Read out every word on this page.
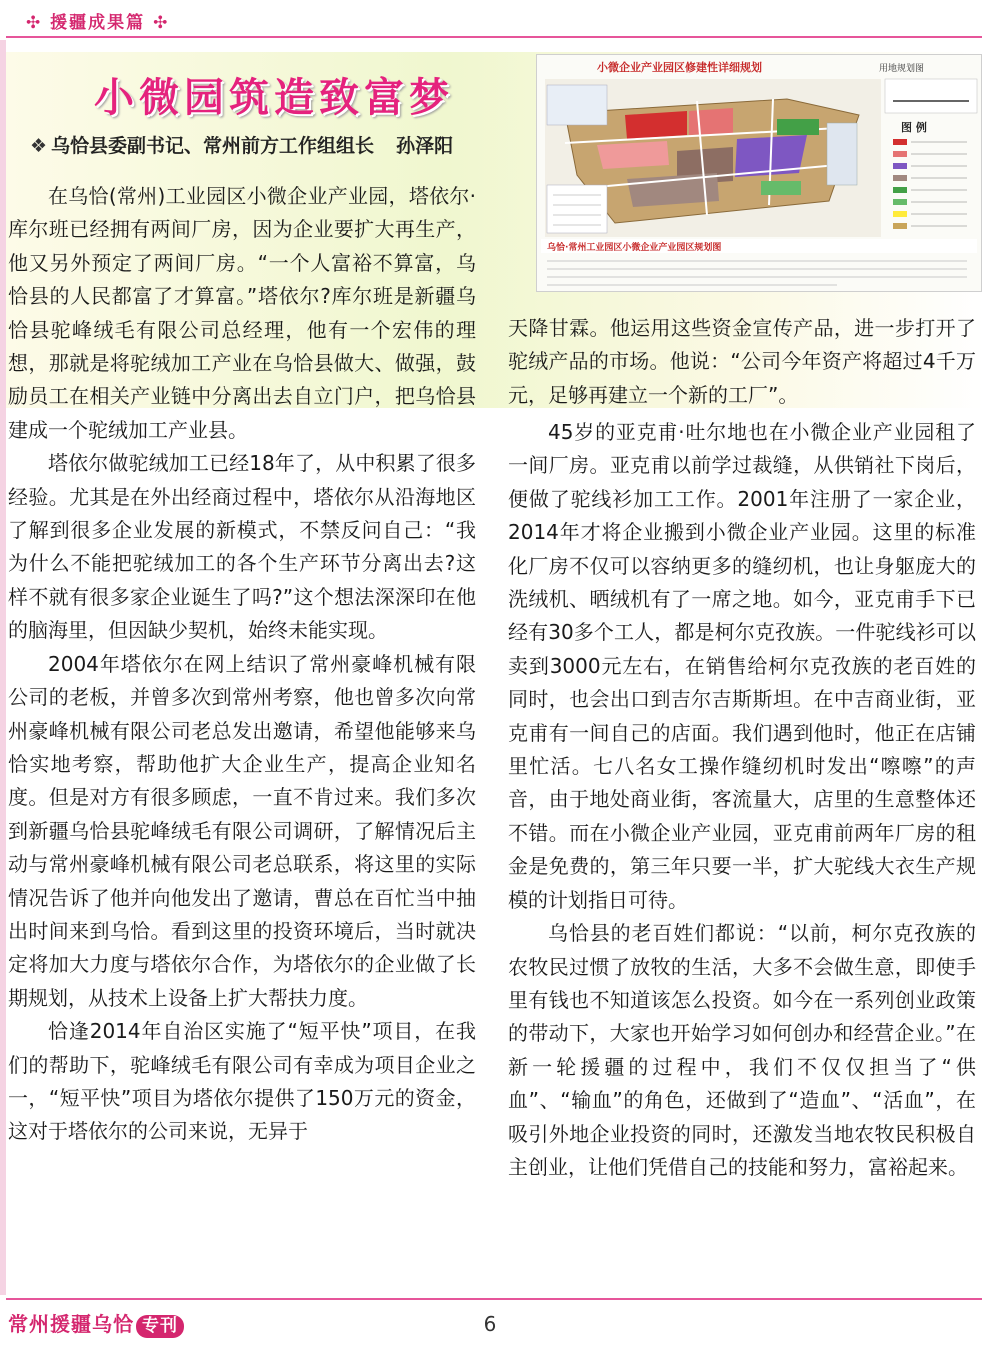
✣ 援疆成果篇 ✣
小微园筑造致富梦
❖ 乌恰县委副书记、常州前方工作组组长 孙泽阳
小微企业产业园区修建性详细规划	用地规划图
图 例
乌恰·常州工业园区小微企业产业园区规划图

在乌恰(常州)工业园区小微企业产业园，塔依尔·库尔班已经拥有两间厂房，因为企业要扩大再生产，他又另外预定了两间厂房。“一个人富裕不算富，乌恰县的人民都富了才算富。”塔依尔?库尔班是新疆乌恰县驼峰绒毛有限公司总经理，他有一个宏伟的理想，那就是将驼绒加工产业在乌恰县做大、做强，鼓励员工在相关产业链中分离出去自立门户，把乌恰县建成一个驼绒加工产业县。

塔依尔做驼绒加工已经18年了，从中积累了很多经验。尤其是在外出经商过程中，塔依尔从沿海地区了解到很多企业发展的新模式，不禁反问自己：“我为什么不能把驼绒加工的各个生产环节分离出去?这样不就有很多家企业诞生了吗?”这个想法深深印在他的脑海里，但因缺少契机，始终未能实现。

2004年塔依尔在网上结识了常州豪峰机械有限公司的老板，并曾多次到常州考察，他也曾多次向常州豪峰机械有限公司老总发出邀请，希望他能够来乌恰实地考察，帮助他扩大企业生产，提高企业知名度。但是对方有很多顾虑，一直不肯过来。我们多次到新疆乌恰县驼峰绒毛有限公司调研，了解情况后主动与常州豪峰机械有限公司老总联系，将这里的实际情况告诉了他并向他发出了邀请，曹总在百忙当中抽出时间来到乌恰。看到这里的投资环境后，当时就决定将加大力度与塔依尔合作，为塔依尔的企业做了长期规划，从技术上设备上扩大帮扶力度。

恰逢2014年自治区实施了“短平快”项目，在我们的帮助下，驼峰绒毛有限公司有幸成为项目企业之一，“短平快”项目为塔依尔提供了150万元的资金，这对于塔依尔的公司来说，无异于

天降甘霖。他运用这些资金宣传产品，进一步打开了驼绒产品的市场。他说：“公司今年资产将超过4千万元，足够再建立一个新的工厂”。

45岁的亚克甫·吐尔地也在小微企业产业园租了一间厂房。亚克甫以前学过裁缝，从供销社下岗后，便做了驼线衫加工工作。2001年注册了一家企业，2014年才将企业搬到小微企业产业园。这里的标准化厂房不仅可以容纳更多的缝纫机，也让身躯庞大的洗绒机、晒绒机有了一席之地。如今，亚克甫手下已经有30多个工人，都是柯尔克孜族。一件驼线衫可以卖到3000元左右，在销售给柯尔克孜族的老百姓的同时，也会出口到吉尔吉斯斯坦。在中吉商业街，亚克甫有一间自己的店面。我们遇到他时，他正在店铺里忙活。七八名女工操作缝纫机时发出“嚓嚓”的声音，由于地处商业街，客流量大，店里的生意整体还不错。而在小微企业产业园，亚克甫前两年厂房的租金是免费的，第三年只要一半，扩大驼线大衣生产规模的计划指日可待。

乌恰县的老百姓们都说：“以前，柯尔克孜族的农牧民过惯了放牧的生活，大多不会做生意，即使手里有钱也不知道该怎么投资。如今在一系列创业政策的带动下，大家也开始学习如何创办和经营企业。”在新一轮援疆的过程中，我们不仅仅担当了“供血”、“输血”的角色，还做到了“造血”、“活血”，在吸引外地企业投资的同时，还激发当地农牧民积极自主创业，让他们凭借自己的技能和努力，富裕起来。

常州援疆乌恰 专刊	6
